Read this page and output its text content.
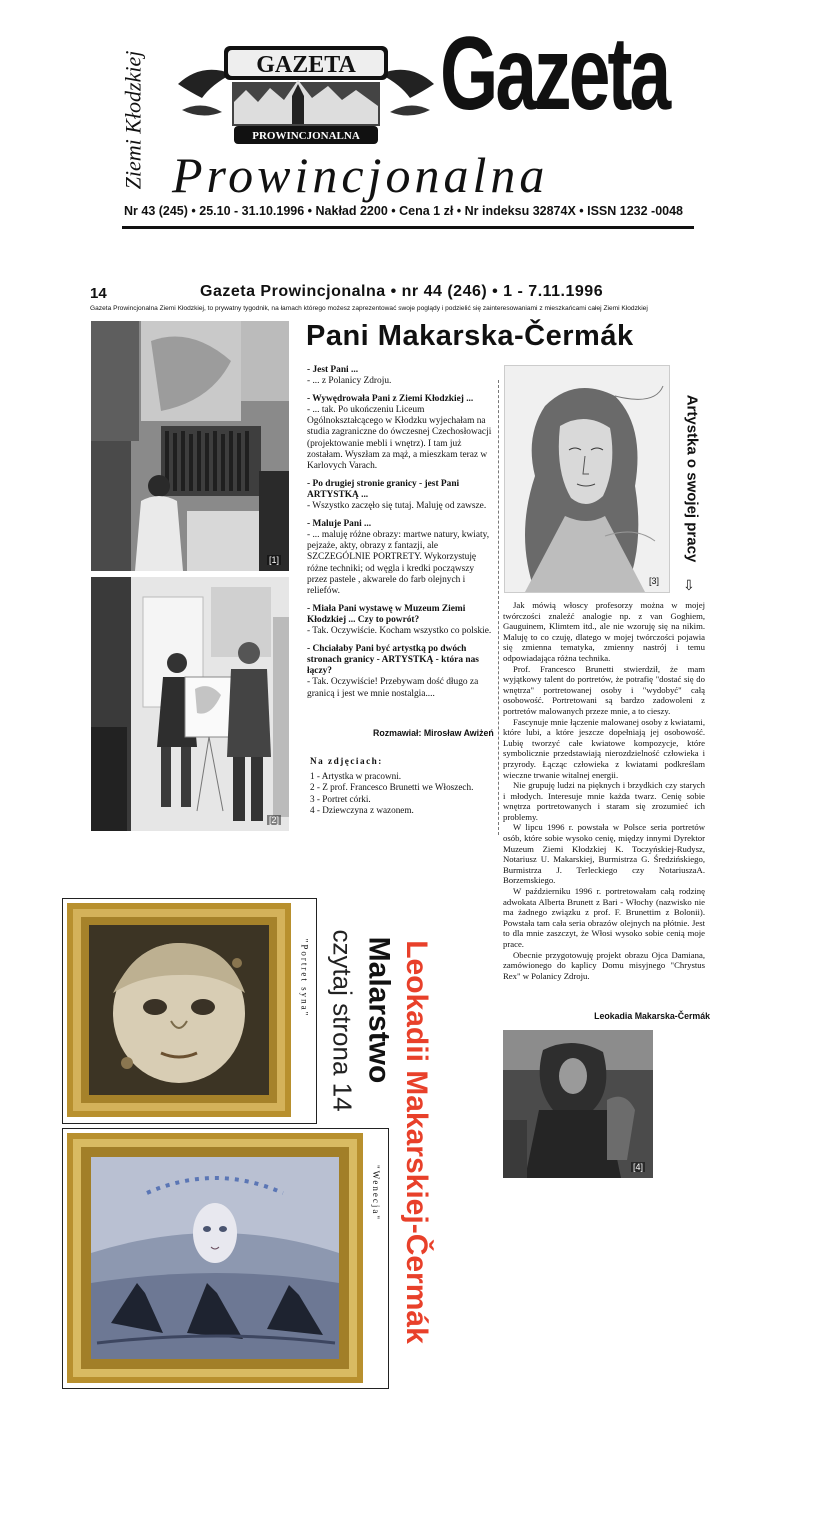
Ziemi Kłodzkiej	GAZETA
PROWINCJONALNA
Gazeta
Prowincjonalna
Nr 43 (245) • 25.10 - 31.10.1996 • Nakład 2200 • Cena 1 zł • Nr indeksu 32874X • ISSN 1232 -0048
14	Gazeta Prowincjonalna • nr 44 (246) • 1 - 7.11.1996
Gazeta Prowincjonalna Ziemi Kłodzkiej, to prywatny tygodnik, na łamach którego możesz zaprezentować swoje poglądy i podzielić się zainteresowaniami z mieszkańcami całej Ziemi Kłodzkiej
[1]
[2]
Pani Makarska-Čermák
- Jest Pani ...
- ... z Polanicy Zdroju.
- Wywędrowała Pani z Ziemi Kłodzkiej ...
- ... tak. Po ukończeniu Liceum Ogólnokształcącego w Kłodzku wyjechałam na studia zagraniczne do ówczesnej Czechosłowacji (projektowanie mebli i wnętrz). I tam już zostałam. Wyszłam za mąż, a mieszkam teraz w Karlovych Varach.
- Po drugiej stronie granicy - jest Pani ARTYSTKĄ ...
- Wszystko zaczęło się tutaj. Maluję od zawsze.
- Maluje Pani ...
- ... maluję różne obrazy: martwe natury, kwiaty, pejzaże, akty, obrazy z fantazji, ale SZCZEGÓLNIE PORTRETY. Wykorzystuję różne techniki; od węgla i kredki począwszy przez pastele , akwarele do farb olejnych i reliefów.
- Miała Pani wystawę w Muzeum Ziemi Kłodzkiej ... Czy to powrót?
- Tak. Oczywiście. Kocham wszystko co polskie.
- Chciałaby Pani być artystką po dwóch stronach granicy - ARTYSTKĄ - która nas łączy?
- Tak. Oczywiście! Przebywam dość długo za granicą i jest we mnie nostalgia....
Rozmawiał: Mirosław Awiżeń
Na zdjęciach:
1 - Artystka w pracowni.
2 - Z prof. Francesco Brunetti we Włoszech.
3 - Portret córki.
4 - Dziewczyna z wazonem.
[3]
Artystka o swojej pracy
⇩

Jak mówią włoscy profesorzy można w mojej twórczości znaleźć analogie np. z van Goghiem, Gauguinem, Klimtem itd., ale nie wzoruję się na nikim. Maluję to co czuję, dlatego w mojej twórczości pojawia się zmienna tematyka, zmienny nastrój i temu odpowiadająca różna technika.

Prof. Francesco Brunetti stwierdził, że mam wyjątkowy talent do portretów, że potrafię "dostać się do wnętrza" portretowanej osoby i "wydobyć" całą osobowość. Portretowani są bardzo zadowoleni z portretów malowanych przeze mnie, a to cieszy.

Fascynuje mnie łączenie malowanej osoby z kwiatami, które lubi, a które jeszcze dopełniają jej osobowość. Lubię tworzyć całe kwiatowe kompozycje, które symbolicznie przedstawiają nierozdzielność człowieka i przyrody. Łącząc człowieka z kwiatami podkreślam wieczne trwanie witalnej energii.

Nie grupuję ludzi na pięknych i brzydkich czy starych i młodych. Interesuje mnie każda twarz. Cenię sobie wnętrza portretowanych i staram się zrozumieć ich problemy.

W lipcu 1996 r. powstała w Polsce seria portretów osób, które sobie wysoko cenię, między innymi Dyrektor Muzeum Ziemi Kłodzkiej K. Toczyńskiej-Rudysz, Notariusz U. Makarskiej, Burmistrza G. Średzińskiego, Burmistrza J. Terleckiego czy NotariuszaA. Borzemskiego.

W październiku 1996 r. portretowałam całą rodzinę adwokata Alberta Brunett z Bari - Włochy (nazwisko nie ma żadnego związku z prof. F. Brunettim z Bolonii). Powstała tam cała seria obrazów olejnych na płótnie. Jest to dla mnie zaszczyt, że Włosi wysoko sobie cenią moje prace.

Obecnie przygotowuję projekt obrazu Ojca Damiana, zamówionego do kaplicy Domu misyjnego "Chrystus Rex" w Polanicy Zdroju.

Leokadia Makarska-Čermák
[4]
"Portret syna"	Leokadii Makarskiej-Čermák
Malarstwo
czytaj strona 14
"Wenecja"
